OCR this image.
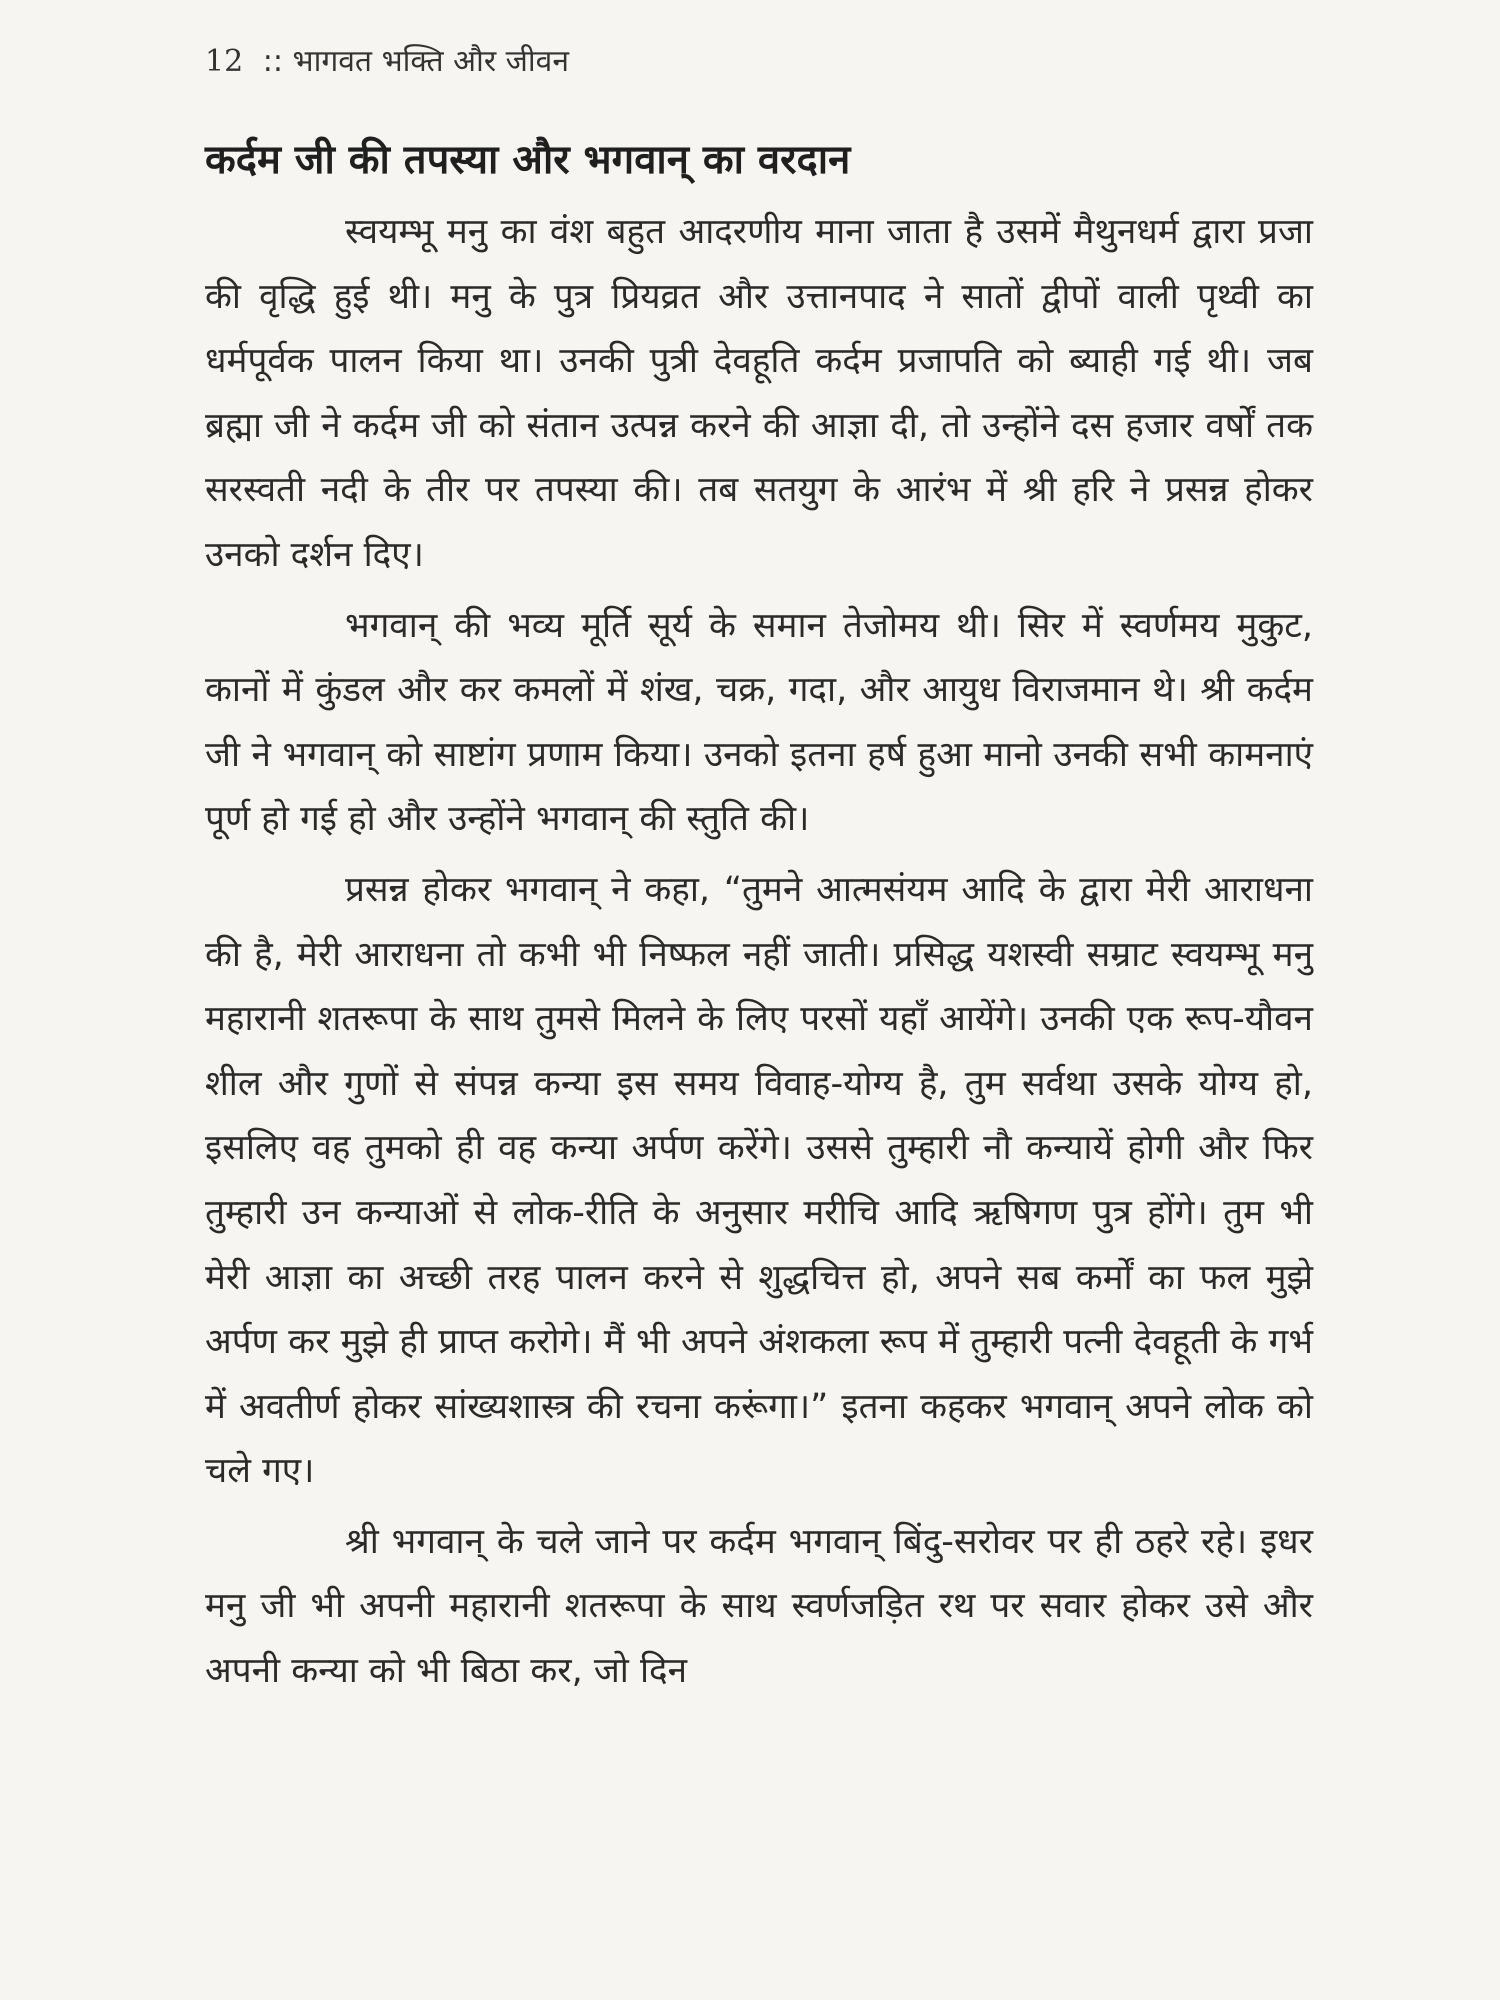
12 :: भागवत भक्ति और जीवन
कर्दम जी की तपस्या और भगवान् का वरदान

स्वयम्भू मनु का वंश बहुत आदरणीय माना जाता है उसमें मैथुनधर्म द्वारा प्रजा की वृद्धि हुई थी। मनु के पुत्र प्रियव्रत और उत्तानपाद ने सातों द्वीपों वाली पृथ्वी का धर्मपूर्वक पालन किया था। उनकी पुत्री देवहूति कर्दम प्रजापति को ब्याही गई थी। जब ब्रह्मा जी ने कर्दम जी को संतान उत्पन्न करने की आज्ञा दी, तो उन्होंने दस हजार वर्षों तक सरस्वती नदी के तीर पर तपस्या की। तब सतयुग के आरंभ में श्री हरि ने प्रसन्न होकर उनको दर्शन दिए।

भगवान् की भव्य मूर्ति सूर्य के समान तेजोमय थी। सिर में स्वर्णमय मुकुट, कानों में कुंडल और कर कमलों में शंख, चक्र, गदा, और आयुध विराजमान थे। श्री कर्दम जी ने भगवान् को साष्टांग प्रणाम किया। उनको इतना हर्ष हुआ मानो उनकी सभी कामनाएं पूर्ण हो गई हो और उन्होंने भगवान् की स्तुति की।

प्रसन्न होकर भगवान् ने कहा, “तुमने आत्मसंयम आदि के द्वारा मेरी आराधना की है, मेरी आराधना तो कभी भी निष्फल नहीं जाती। प्रसिद्ध यशस्वी सम्राट स्वयम्भू मनु महारानी शतरूपा के साथ तुमसे मिलने के लिए परसों यहाँ आयेंगे। उनकी एक रूप-यौवन शील और गुणों से संपन्न कन्या इस समय विवाह-योग्य है, तुम सर्वथा उसके योग्य हो, इसलिए वह तुमको ही वह कन्या अर्पण करेंगे। उससे तुम्हारी नौ कन्यायें होगी और फिर तुम्हारी उन कन्याओं से लोक-रीति के अनुसार मरीचि आदि ऋषिगण पुत्र होंगे। तुम भी मेरी आज्ञा का अच्छी तरह पालन करने से शुद्धचित्त हो, अपने सब कर्मों का फल मुझे अर्पण कर मुझे ही प्राप्त करोगे। मैं भी अपने अंशकला रूप में तुम्हारी पत्नी देवहूती के गर्भ में अवतीर्ण होकर सांख्यशास्त्र की रचना करूंगा।” इतना कहकर भगवान् अपने लोक को चले गए।

श्री भगवान् के चले जाने पर कर्दम भगवान् बिंदु-सरोवर पर ही ठहरे रहे। इधर मनु जी भी अपनी महारानी शतरूपा के साथ स्वर्णजड़ित रथ पर सवार होकर उसे और अपनी कन्या को भी बिठा कर, जो दिन
